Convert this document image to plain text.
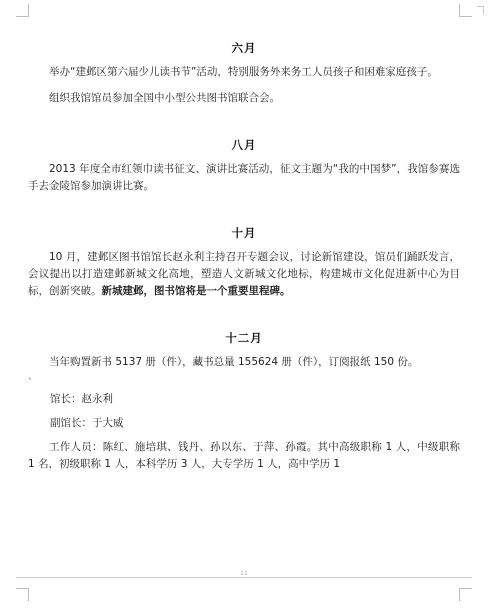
六月

举办“建邺区第六届少儿读书节”活动，特别服务外来务工人员孩子和困难家庭孩子。

组织我馆馆员参加全国中小型公共图书馆联合会。

八月

2013 年度全市红领巾读书征文、演讲比赛活动，征文主题为“我的中国梦”，我馆参赛选手去金陵馆参加演讲比赛。

十月

10 月，建邺区图书馆馆长赵永利主持召开专题会议，讨论新馆建设，馆员们踊跃发言，会议提出以打造建邺新城文化高地，塑造人文新城文化地标，构建城市文化促进新中心为目标，创新突破。新城建邺，图书馆将是一个重要里程碑。

十二月

当年购置新书 5137 册（件），藏书总量 155624 册（件），订阅报纸 150 份。

、

馆长：赵永利

副馆长：于大威

工作人员：陈红、施培琪、钱丹、孙以东、于萍、孙霞。其中高级职称 1 人，中级职称 1 名，初级职称 1 人，本科学历 3 人，大专学历 1 人，高中学历 1

11
